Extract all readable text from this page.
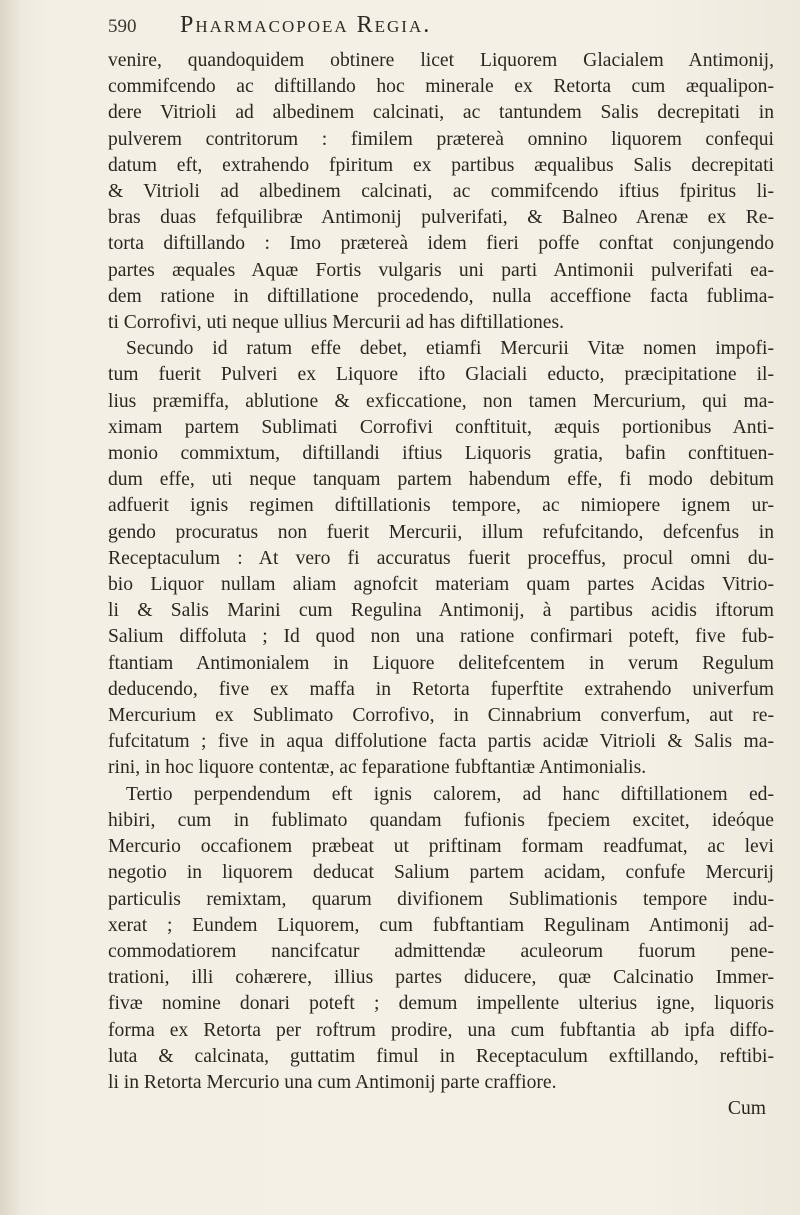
590	Pharmacopoea Regia.
venire, quandoquidem obtinere licet Liquorem Glacialem Antimonij,
commifcendo ac diftillando hoc minerale ex Retorta cum æqualipon-
dere Vitrioli ad albedinem calcinati, ac tantundem Salis decrepitati in
pulverem contritorum : fimilem prætereà omnino liquorem confequi
datum eft, extrahendo fpiritum ex partibus æqualibus Salis decrepitati
& Vitrioli ad albedinem calcinati, ac commifcendo iftius fpiritus li-
bras duas fefquilibræ Antimonij pulverifati, & Balneo Arenæ ex Re-
torta diftillando : Imo prætereà idem fieri poffe conftat conjungendo
partes æquales Aquæ Fortis vulgaris uni parti Antimonii pulverifati ea-
dem ratione in diftillatione procedendo, nulla acceffione facta fublima-
ti Corrofivi, uti neque ullius Mercurii ad has diftillationes.
Secundo id ratum effe debet, etiamfi Mercurii Vitæ nomen impofi-
tum fuerit Pulveri ex Liquore ifto Glaciali educto, præcipitatione il-
lius præmiffa, ablutione & exficcatione, non tamen Mercurium, qui ma-
ximam partem Sublimati Corrofivi conftituit, æquis portionibus Anti-
monio commixtum, diftillandi iftius Liquoris gratia, bafin conftituen-
dum effe, uti neque tanquam partem habendum effe, fi modo debitum
adfuerit ignis regimen diftillationis tempore, ac nimiopere ignem ur-
gendo procuratus non fuerit Mercurii, illum refufcitando, defcenfus in
Receptaculum : At vero fi accuratus fuerit proceffus, procul omni du-
bio Liquor nullam aliam agnofcit materiam quam partes Acidas Vitrio-
li & Salis Marini cum Regulina Antimonij, à partibus acidis iftorum
Salium diffoluta ; Id quod non una ratione confirmari poteft, five fub-
ftantiam Antimonialem in Liquore delitefcentem in verum Regulum
deducendo, five ex maffa in Retorta fuperftite extrahendo univerfum
Mercurium ex Sublimato Corrofivo, in Cinnabrium converfum, aut re-
fufcitatum ; five in aqua diffolutione facta partis acidæ Vitrioli & Salis ma-
rini, in hoc liquore contentæ, ac feparatione fubftantiæ Antimonialis.
Tertio perpendendum eft ignis calorem, ad hanc diftillationem ed-
hibiri, cum in fublimato quandam fufionis fpeciem excitet, ideóque
Mercurio occafionem præbeat ut priftinam formam readfumat, ac levi
negotio in liquorem deducat Salium partem acidam, confufe Mercurij
particulis remixtam, quarum divifionem Sublimationis tempore indu-
xerat ; Eundem Liquorem, cum fubftantiam Regulinam Antimonij ad-
commodatiorem nancifcatur admittendæ aculeorum fuorum pene-
trationi, illi cohærere, illius partes diducere, quæ Calcinatio Immer-
fivæ nomine donari poteft ; demum impellente ulterius igne, liquoris
forma ex Retorta per roftrum prodire, una cum fubftantia ab ipfa diffo-
luta & calcinata, guttatim fimul in Receptaculum exftillando, reftibi-
li in Retorta Mercurio una cum Antimonij parte craffiore.
Cum
